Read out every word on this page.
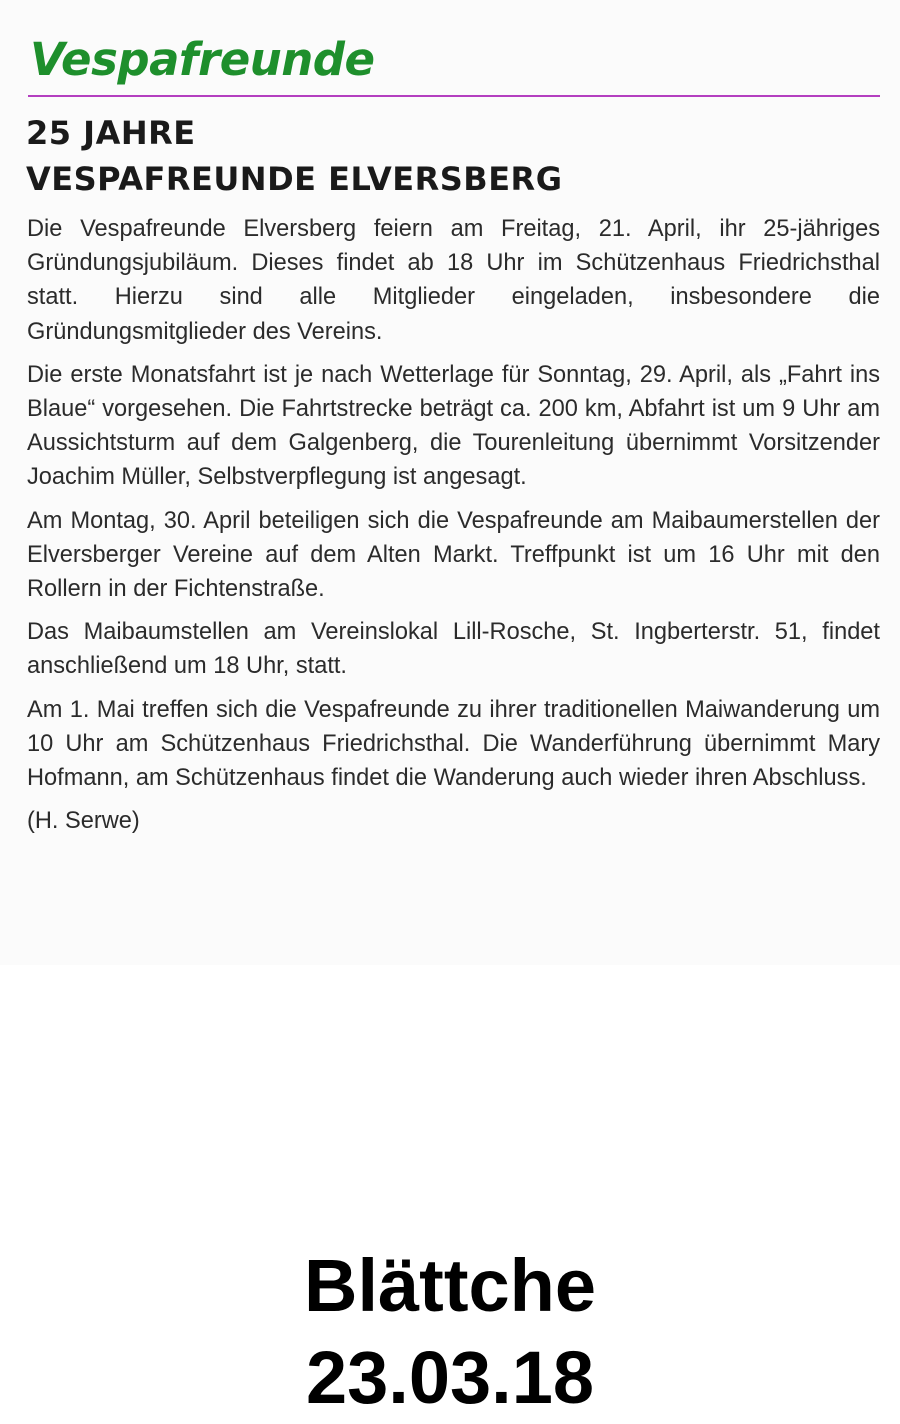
Vespafreunde
25 JAHRE
VESPAFREUNDE ELVERSBERG

Die Vespafreunde Elversberg feiern am Freitag, 21. April, ihr 25-jähriges Gründungsjubiläum. Dieses findet ab 18 Uhr im Schützenhaus Friedrichsthal statt. Hierzu sind alle Mitglieder eingeladen, insbesondere die Gründungsmitglieder des Vereins.

Die erste Monatsfahrt ist je nach Wetterlage für Sonntag, 29. April, als „Fahrt ins Blaue“ vorgesehen. Die Fahrtstrecke beträgt ca. 200 km, Abfahrt ist um 9 Uhr am Aussichtsturm auf dem Galgenberg, die Tourenleitung übernimmt Vorsitzender Joachim Müller, Selbstverpflegung ist angesagt.

Am Montag, 30. April beteiligen sich die Vespafreunde am Maibaumerstellen der Elversberger Vereine auf dem Alten Markt. Treffpunkt ist um 16 Uhr mit den Rollern in der Fichtenstraße.

Das Maibaumstellen am Vereinslokal Lill-Rosche, St. Ingberterstr. 51, findet anschließend um 18 Uhr, statt.

Am 1. Mai treffen sich die Vespafreunde zu ihrer traditionellen Maiwanderung um 10 Uhr am Schützenhaus Friedrichsthal. Die Wanderführung übernimmt Mary Hofmann, am Schützenhaus findet die Wanderung auch wieder ihren Abschluss.

(H. Serwe)

Blättche
23.03.18
